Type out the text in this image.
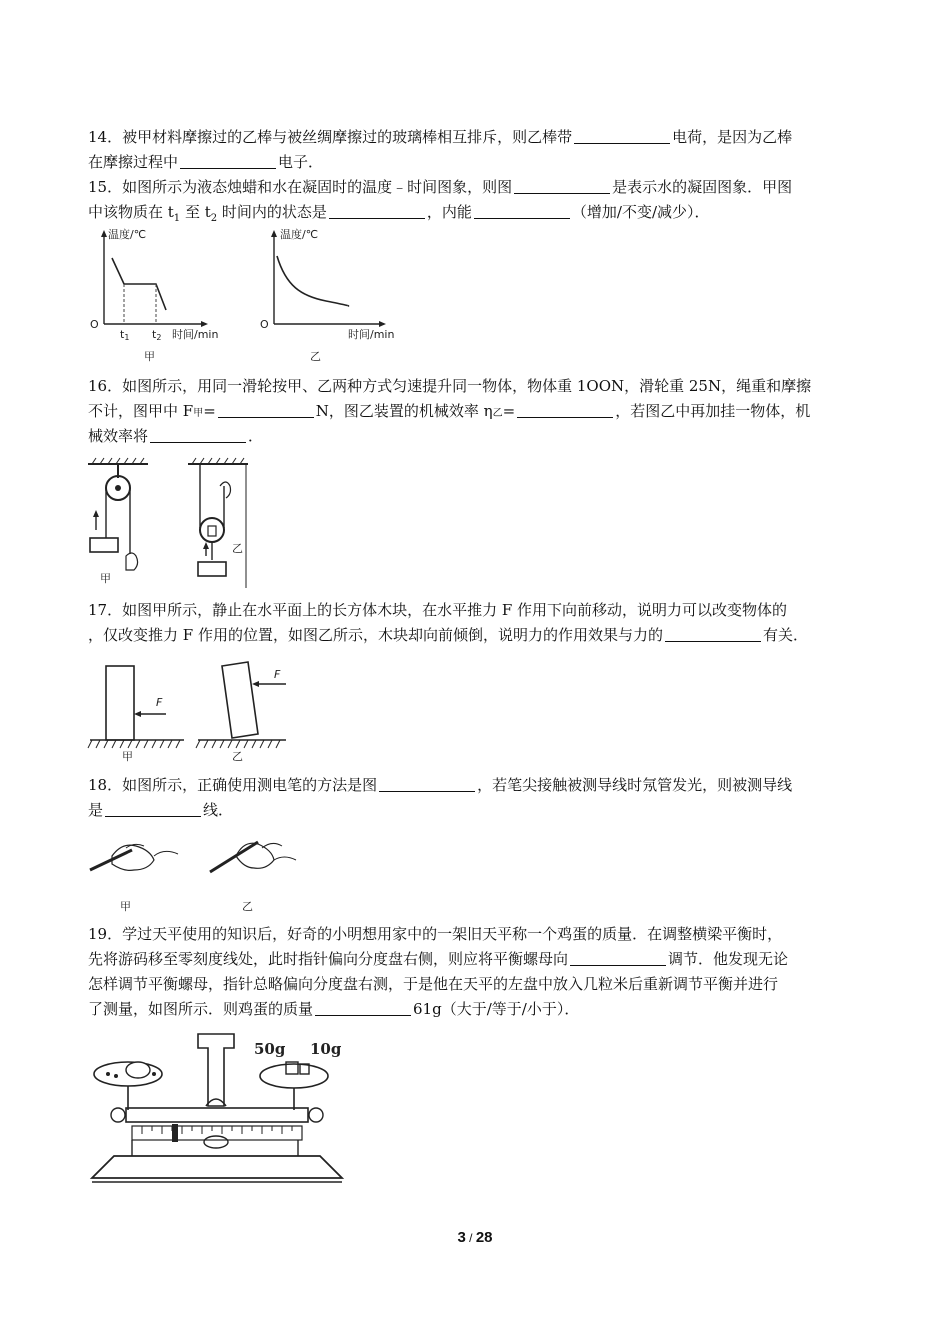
14．被甲材料摩擦过的乙棒与被丝绸摩擦过的玻璃棒相互排斥，则乙棒带	电荷，是因为乙棒
在摩擦过程中	电子．
15．如图所示为液态烛蜡和水在凝固时的温度﹣时间图象，则图	是表示水的凝固图象．甲图
中该物质在 $t_1$ 至 $t_2$ 时间内的状态是	，内能	（增加/不变/减少）．
温度/℃
O
t1 t2 时间/min
甲
温度/℃
O
时间/min
乙
16．如图所示，用同一滑轮按甲、乙两种方式匀速提升同一物体，物体重 1OON，滑轮重 25N，绳重和摩擦
不计，图甲中 F甲=	N，图乙装置的机械效率 η乙=	，若图乙中再加挂一物体，机
械效率将	．
甲
乙
17．如图甲所示，静止在水平面上的长方体木块，在水平推力 F 作用下向前移动，说明力可以改变物体的
，仅改变推力 F 作用的位置，如图乙所示，木块却向前倾倒，说明力的作用效果与力的	有关．
F
甲
F
乙
18．如图所示，正确使用测电笔的方法是图	，若笔尖接触被测导线时氖管发光，则被测导线
是	线．
甲	乙
19．学过天平使用的知识后，好奇的小明想用家中的一架旧天平称一个鸡蛋的质量．在调整横梁平衡时，
先将游码移至零刻度线处，此时指针偏向分度盘右侧，则应将平衡螺母向	调节．他发现无论
怎样调节平衡螺母，指针总略偏向分度盘右测，于是他在天平的左盘中放入几粒米后重新调节平衡并进行
了测量，如图所示．则鸡蛋的质量	61g（大于/等于/小于）．
50g 10g
3 / 28
